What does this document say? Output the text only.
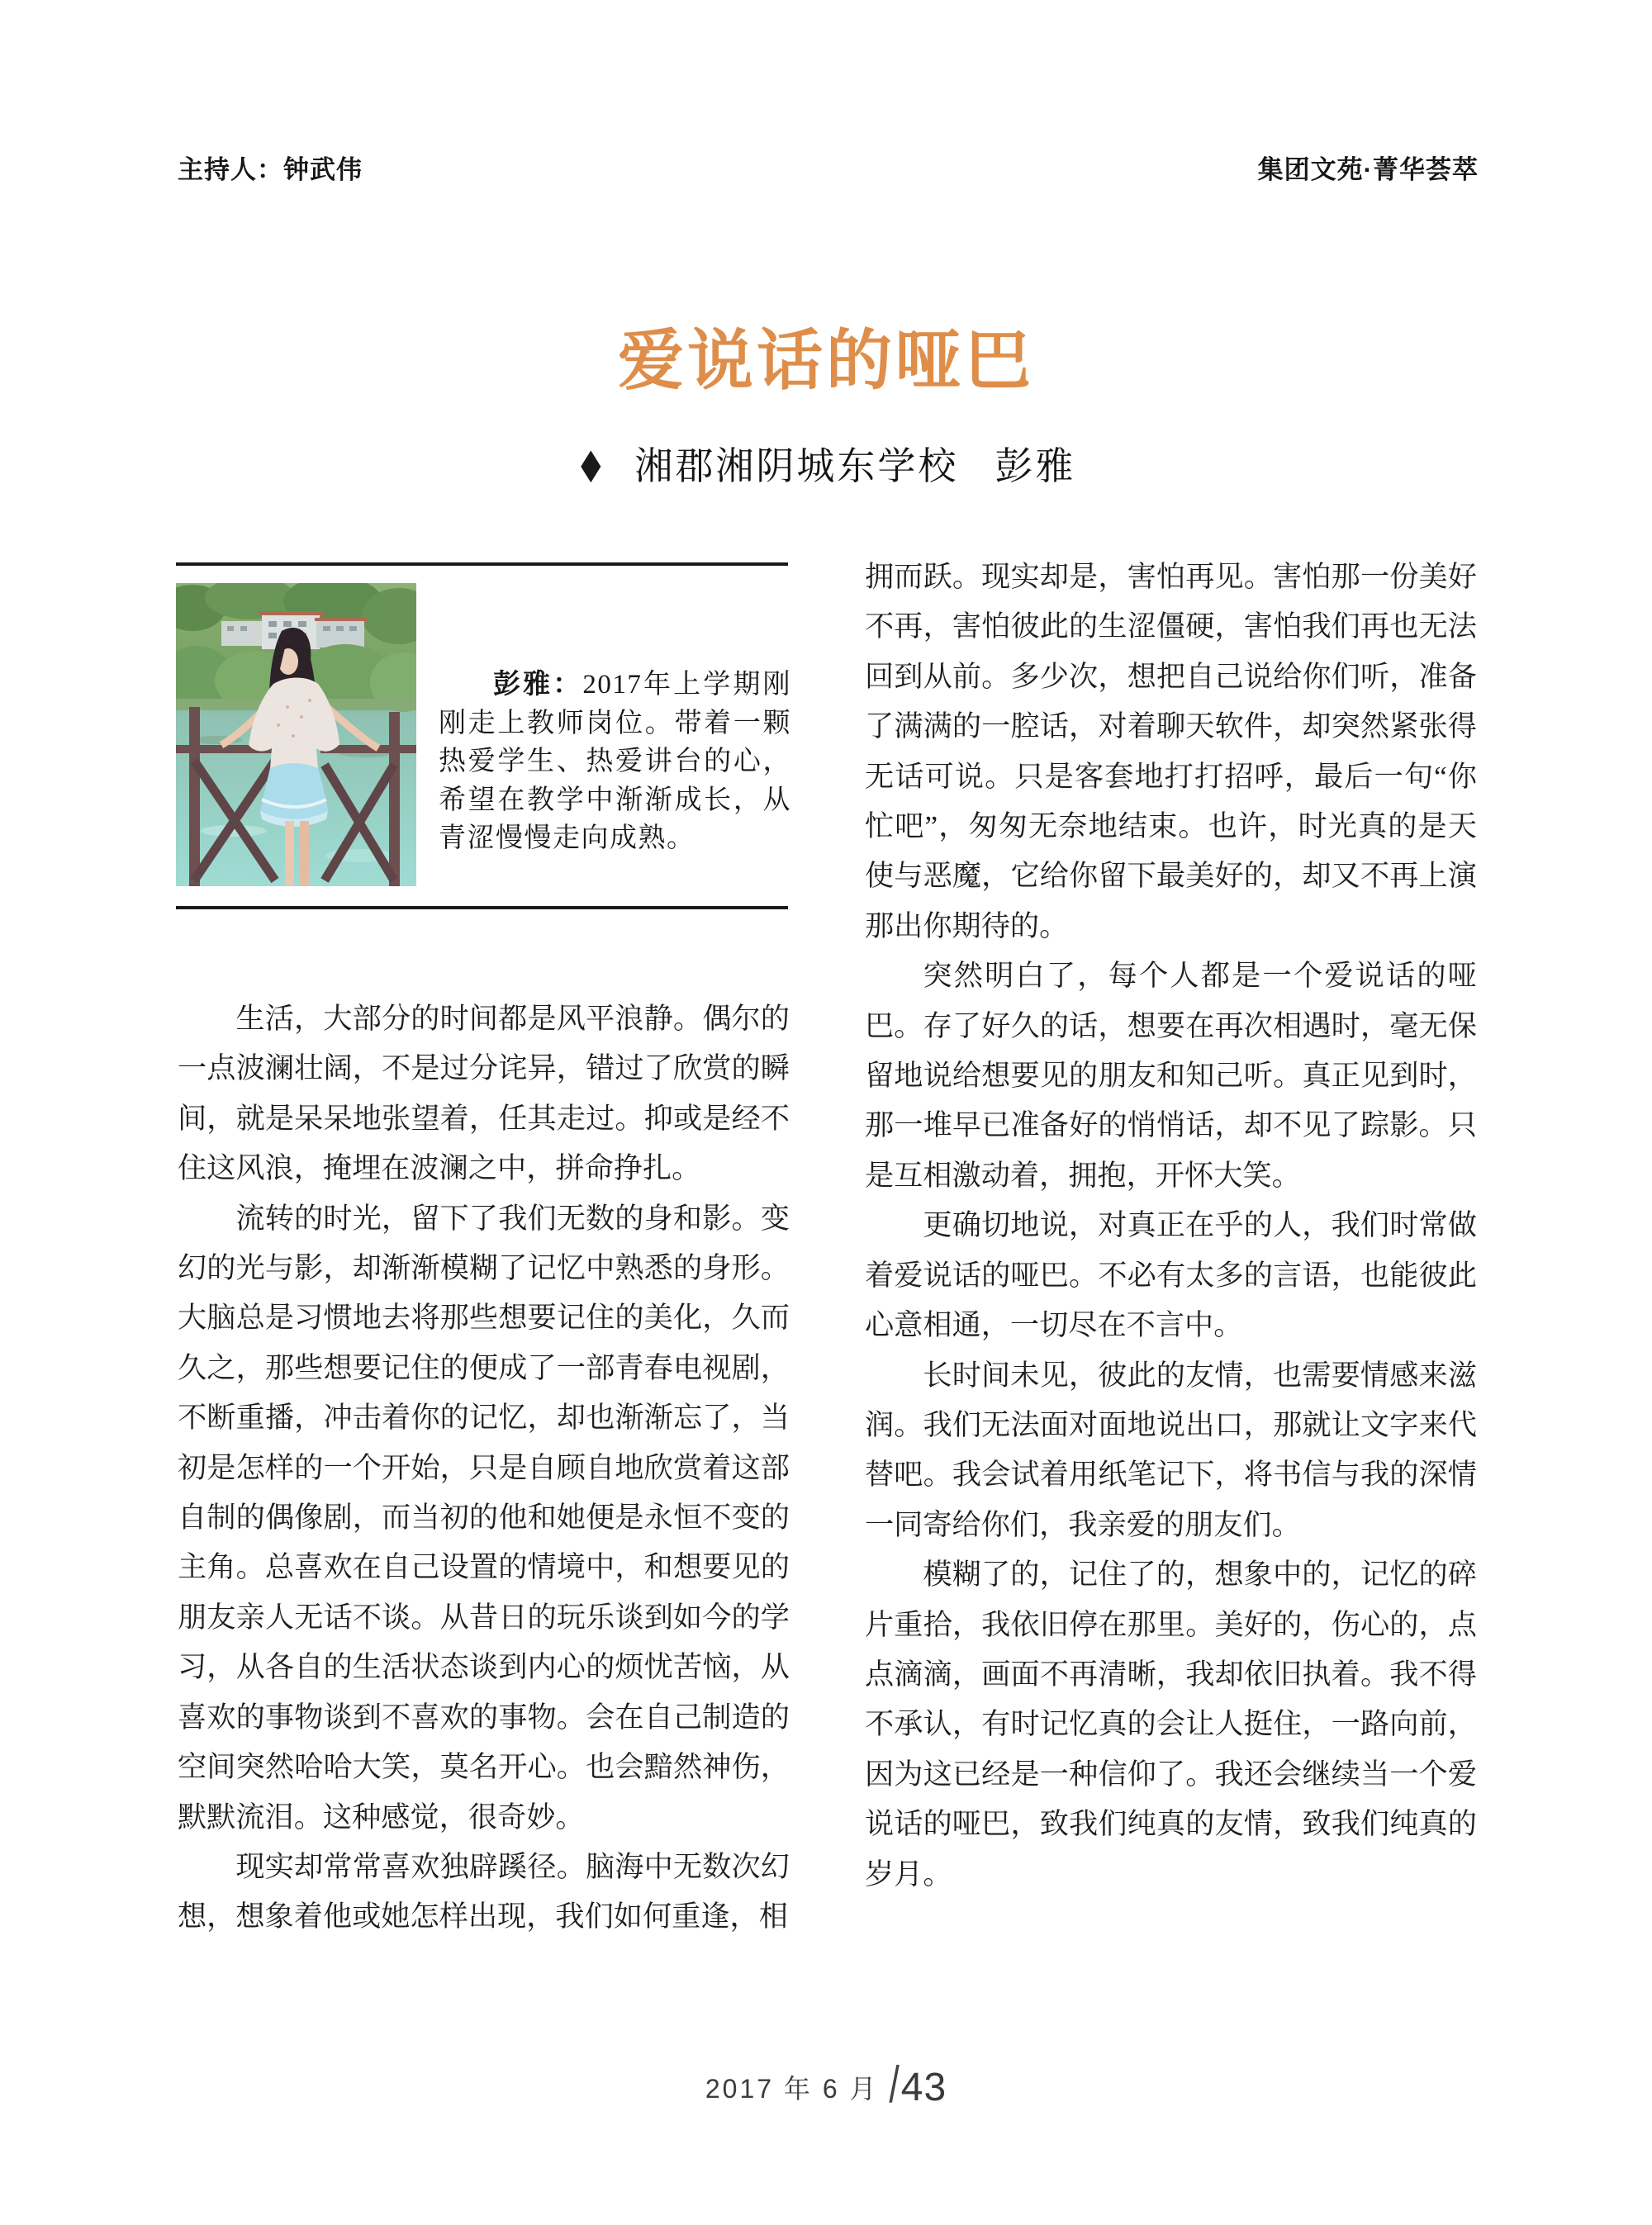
主持人：钟武伟	集团文苑·菁华荟萃
爱说话的哑巴
◆ 湘郡湘阴城东学校 彭雅

彭雅：2017年上学期刚刚走上教师岗位。带着一颗热爱学生、热爱讲台的心，希望在教学中渐渐成长，从青涩慢慢走向成熟。

生活，大部分的时间都是风平浪静。偶尔的一点波澜壮阔，不是过分诧异，错过了欣赏的瞬间，就是呆呆地张望着，任其走过。抑或是经不住这风浪，掩埋在波澜之中，拼命挣扎。

流转的时光，留下了我们无数的身和影。变幻的光与影，却渐渐模糊了记忆中熟悉的身形。大脑总是习惯地去将那些想要记住的美化，久而久之，那些想要记住的便成了一部青春电视剧，不断重播，冲击着你的记忆，却也渐渐忘了，当初是怎样的一个开始，只是自顾自地欣赏着这部自制的偶像剧，而当初的他和她便是永恒不变的主角。总喜欢在自己设置的情境中，和想要见的朋友亲人无话不谈。从昔日的玩乐谈到如今的学习，从各自的生活状态谈到内心的烦忧苦恼，从喜欢的事物谈到不喜欢的事物。会在自己制造的空间突然哈哈大笑，莫名开心。也会黯然神伤，默默流泪。这种感觉，很奇妙。

现实却常常喜欢独辟蹊径。脑海中无数次幻想，想象着他或她怎样出现，我们如何重逢，相

拥而跃。现实却是，害怕再见。害怕那一份美好不再，害怕彼此的生涩僵硬，害怕我们再也无法回到从前。多少次，想把自己说给你们听，准备了满满的一腔话，对着聊天软件，却突然紧张得无话可说。只是客套地打打招呼，最后一句“你忙吧”，匆匆无奈地结束。也许，时光真的是天使与恶魔，它给你留下最美好的，却又不再上演那出你期待的。

突然明白了，每个人都是一个爱说话的哑巴。存了好久的话，想要在再次相遇时，毫无保留地说给想要见的朋友和知己听。真正见到时，那一堆早已准备好的悄悄话，却不见了踪影。只是互相激动着，拥抱，开怀大笑。

更确切地说，对真正在乎的人，我们时常做着爱说话的哑巴。不必有太多的言语，也能彼此心意相通，一切尽在不言中。

长时间未见，彼此的友情，也需要情感来滋润。我们无法面对面地说出口，那就让文字来代替吧。我会试着用纸笔记下，将书信与我的深情一同寄给你们，我亲爱的朋友们。

模糊了的，记住了的，想象中的，记忆的碎片重拾，我依旧停在那里。美好的，伤心的，点点滴滴，画面不再清晰，我却依旧执着。我不得不承认，有时记忆真的会让人挺住，一路向前，因为这已经是一种信仰了。我还会继续当一个爱说话的哑巴，致我们纯真的友情，致我们纯真的岁月。

2017 年 6 月 / 43
